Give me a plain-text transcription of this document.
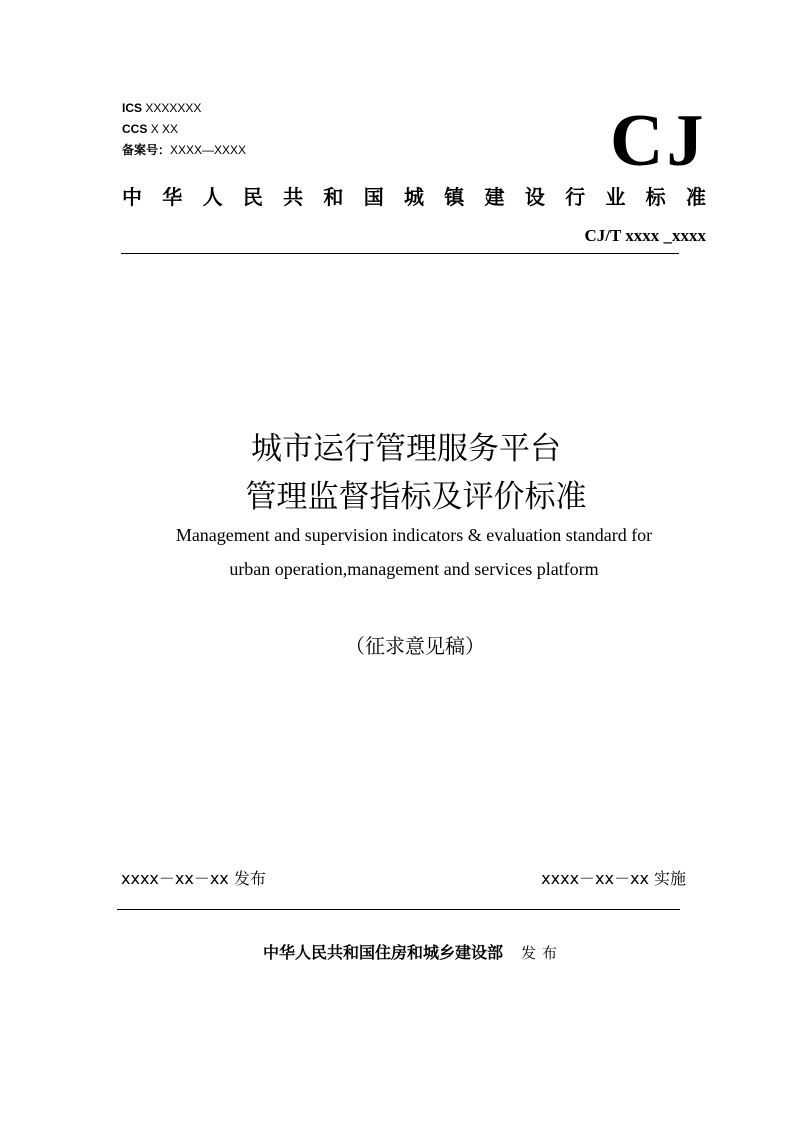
ICS XXXXXXX
CCS X XX
备案号：XXXX—XXXX	CJ
中 华 人 民 共 和 国 城 镇 建 设 行 业 标 准
CJ/T xxxx _xxxx
城市运行管理服务平台
管理监督指标及评价标准
Management and supervision indicators & evaluation standard for
urban operation,management and services platform
（征求意见稿）
xxxx－xx－xx 发布	xxxx－xx－xx 实施
中华人民共和国住房和城乡建设部 发布
